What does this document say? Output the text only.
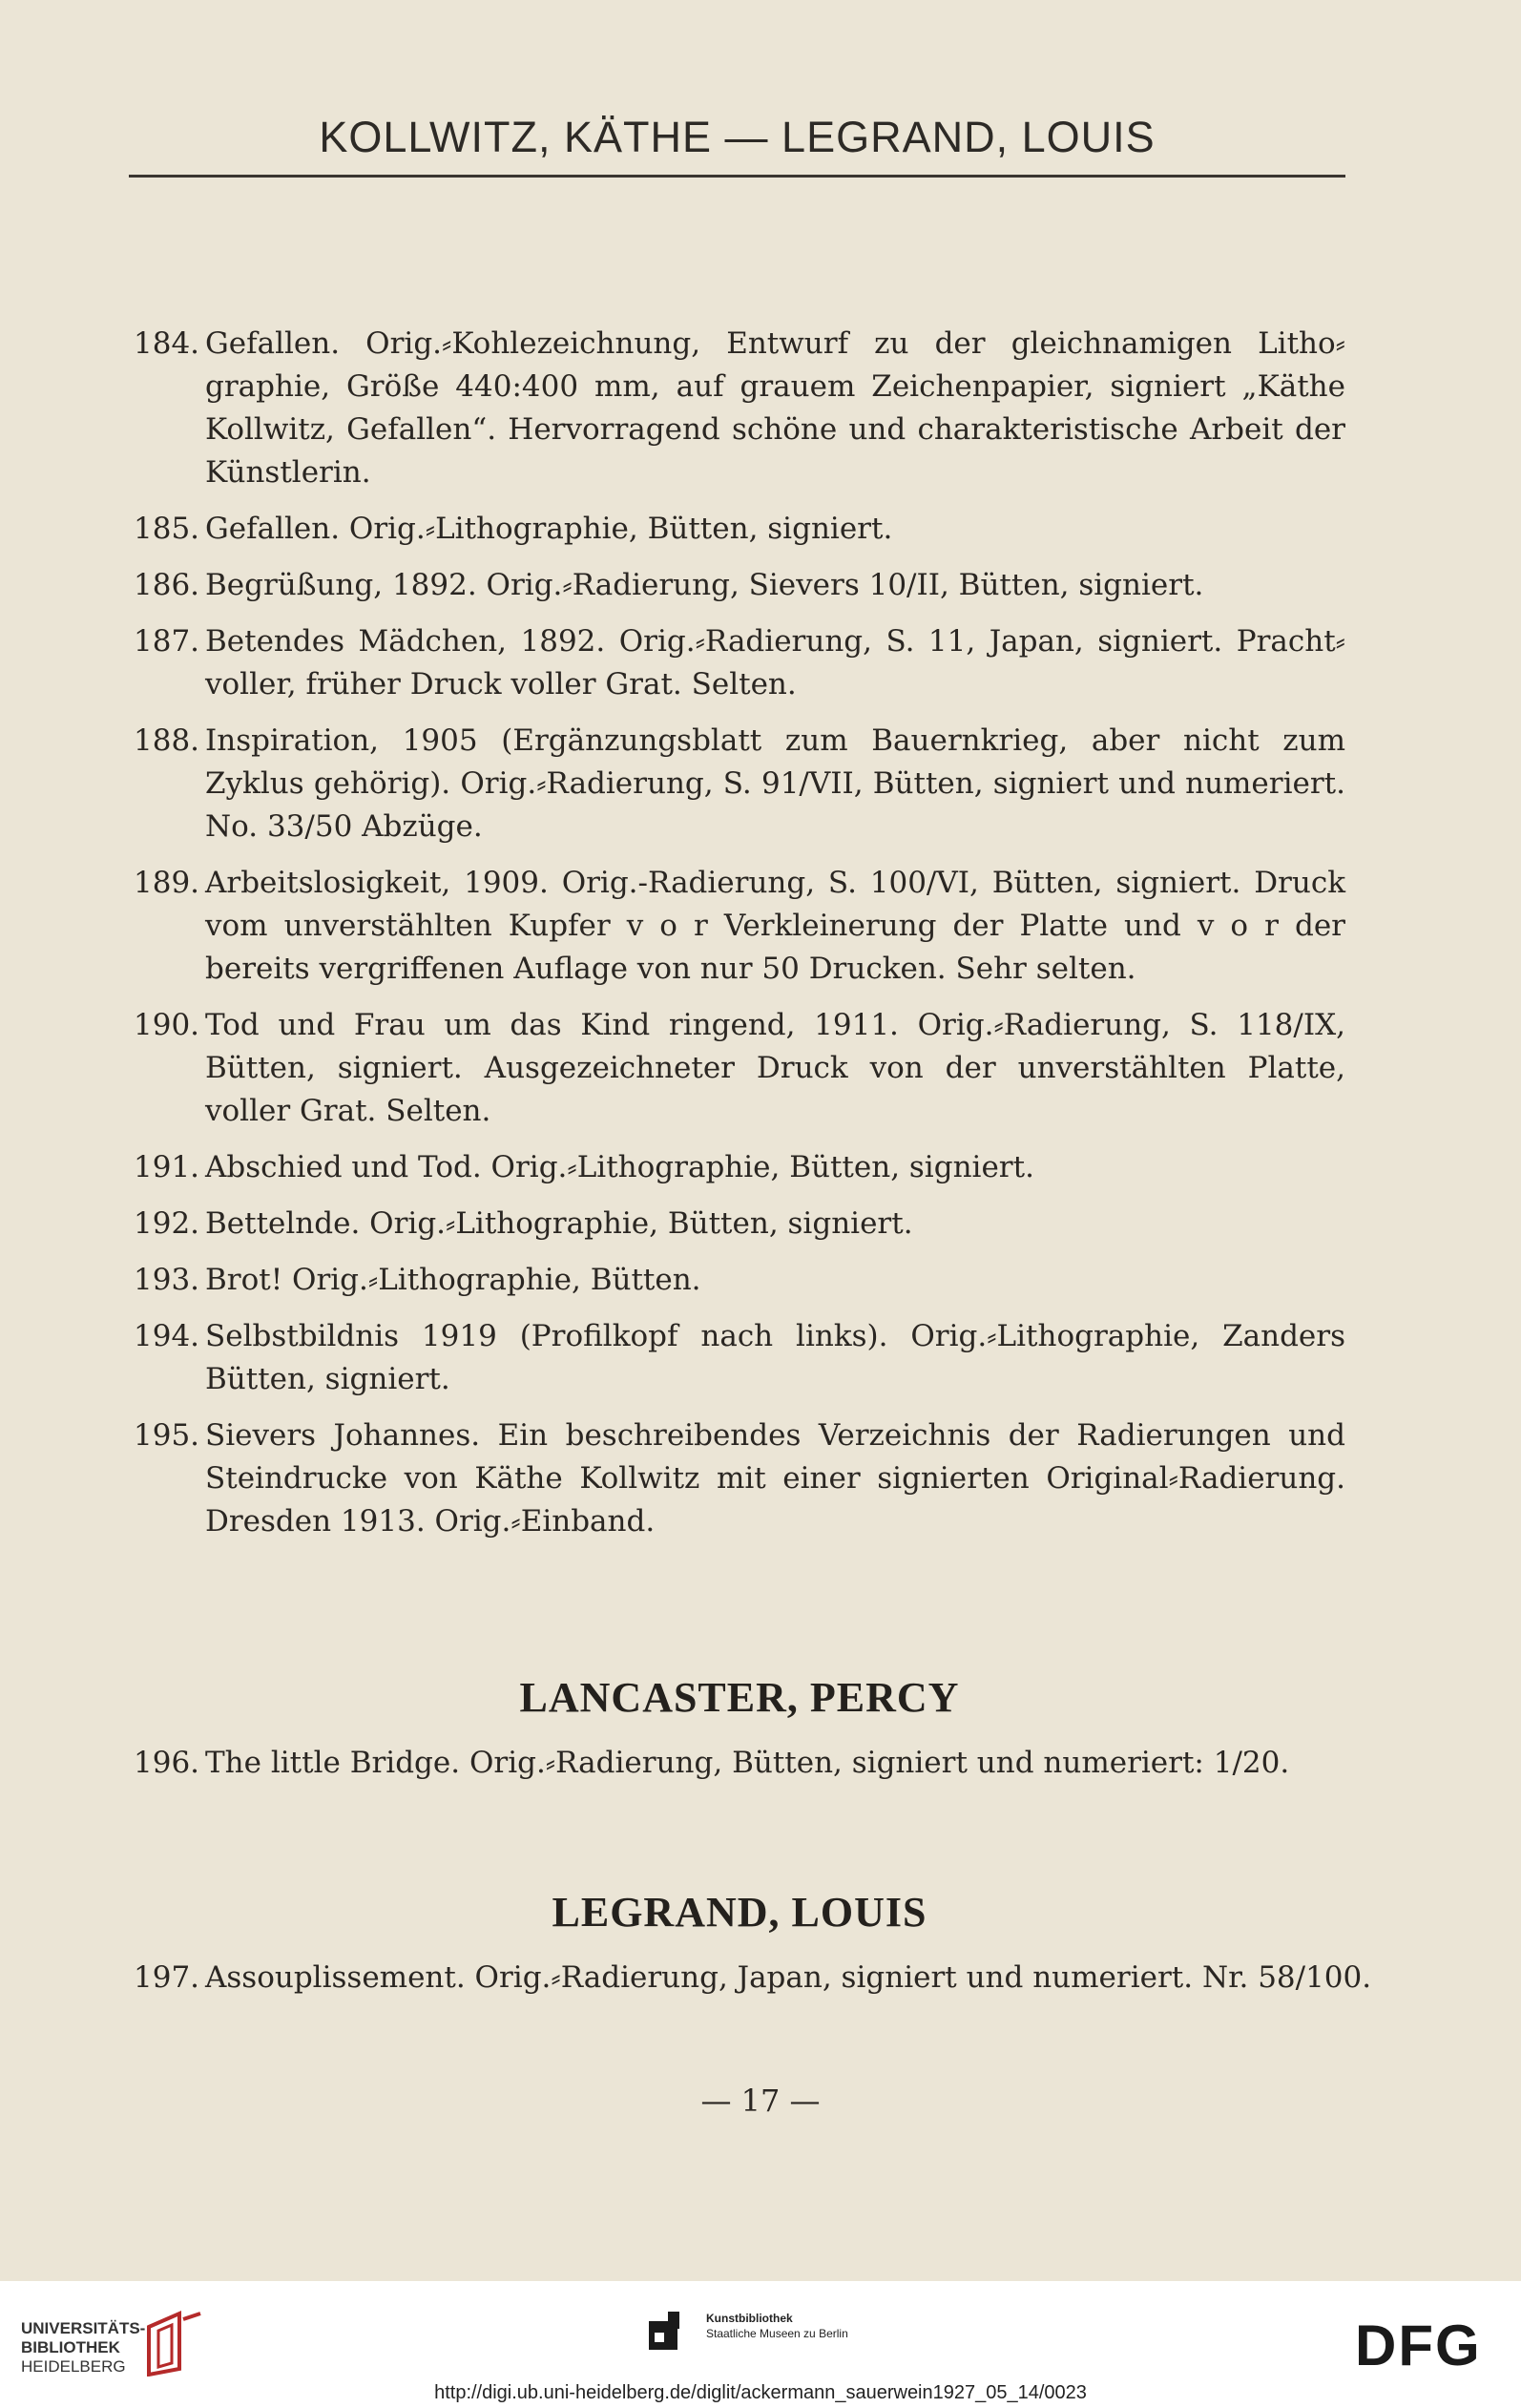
KOLLWITZ, KÄTHE — LEGRAND, LOUIS
184. Gefallen. Orig.⸗Kohlezeichnung, Entwurf zu der gleichnamigen Litho⸗ graphie, Größe 440:400 mm, auf grauem Zeichenpapier, signiert „Käthe Kollwitz, Gefallen“. Hervorragend schöne und charakteristische Arbeit der Künstlerin.
185. Gefallen. Orig.⸗Lithographie, Bütten, signiert.
186. Begrüßung, 1892. Orig.⸗Radierung, Sievers 10/II, Bütten, signiert.
187. Betendes Mädchen, 1892. Orig.⸗Radierung, S. 11, Japan, signiert. Pracht⸗ voller, früher Druck voller Grat. Selten.
188. Inspiration, 1905 (Ergänzungsblatt zum Bauernkrieg, aber nicht zum Zyklus gehörig). Orig.⸗Radierung, S. 91/VII, Bütten, signiert und numeriert. No. 33/50 Abzüge.
189. Arbeitslosigkeit, 1909. Orig.-Radierung, S. 100/VI, Bütten, signiert. Druck vom unverstählten Kupfer v o r Verkleinerung der Platte und v o r der bereits vergriffenen Auflage von nur 50 Drucken. Sehr selten.
190. Tod und Frau um das Kind ringend, 1911. Orig.⸗Radierung, S. 118/IX, Bütten, signiert. Ausgezeichneter Druck von der unverstählten Platte, voller Grat. Selten.
191. Abschied und Tod. Orig.⸗Lithographie, Bütten, signiert.
192. Bettelnde. Orig.⸗Lithographie, Bütten, signiert.
193. Brot! Orig.⸗Lithographie, Bütten.
194. Selbstbildnis 1919 (Profilkopf nach links). Orig.⸗Lithographie, Zanders Bütten, signiert.
195. Sievers Johannes. Ein beschreibendes Verzeichnis der Radierungen und Steindrucke von Käthe Kollwitz mit einer signierten Original⸗Radierung. Dresden 1913. Orig.⸗Einband.
LANCASTER, PERCY
196. The little Bridge. Orig.⸗Radierung, Bütten, signiert und numeriert: 1/20.
LEGRAND, LOUIS
197. Assouplissement. Orig.⸗Radierung, Japan, signiert und numeriert. Nr. 58/100.
— 17 —
UNIVERSITÄTS-
BIBLIOTHEK
HEIDELBERG
Kunstbibliothek
Staatliche Museen zu Berlin	DFG
http://digi.ub.uni-heidelberg.de/diglit/ackermann_sauerwein1927_05_14/0023
